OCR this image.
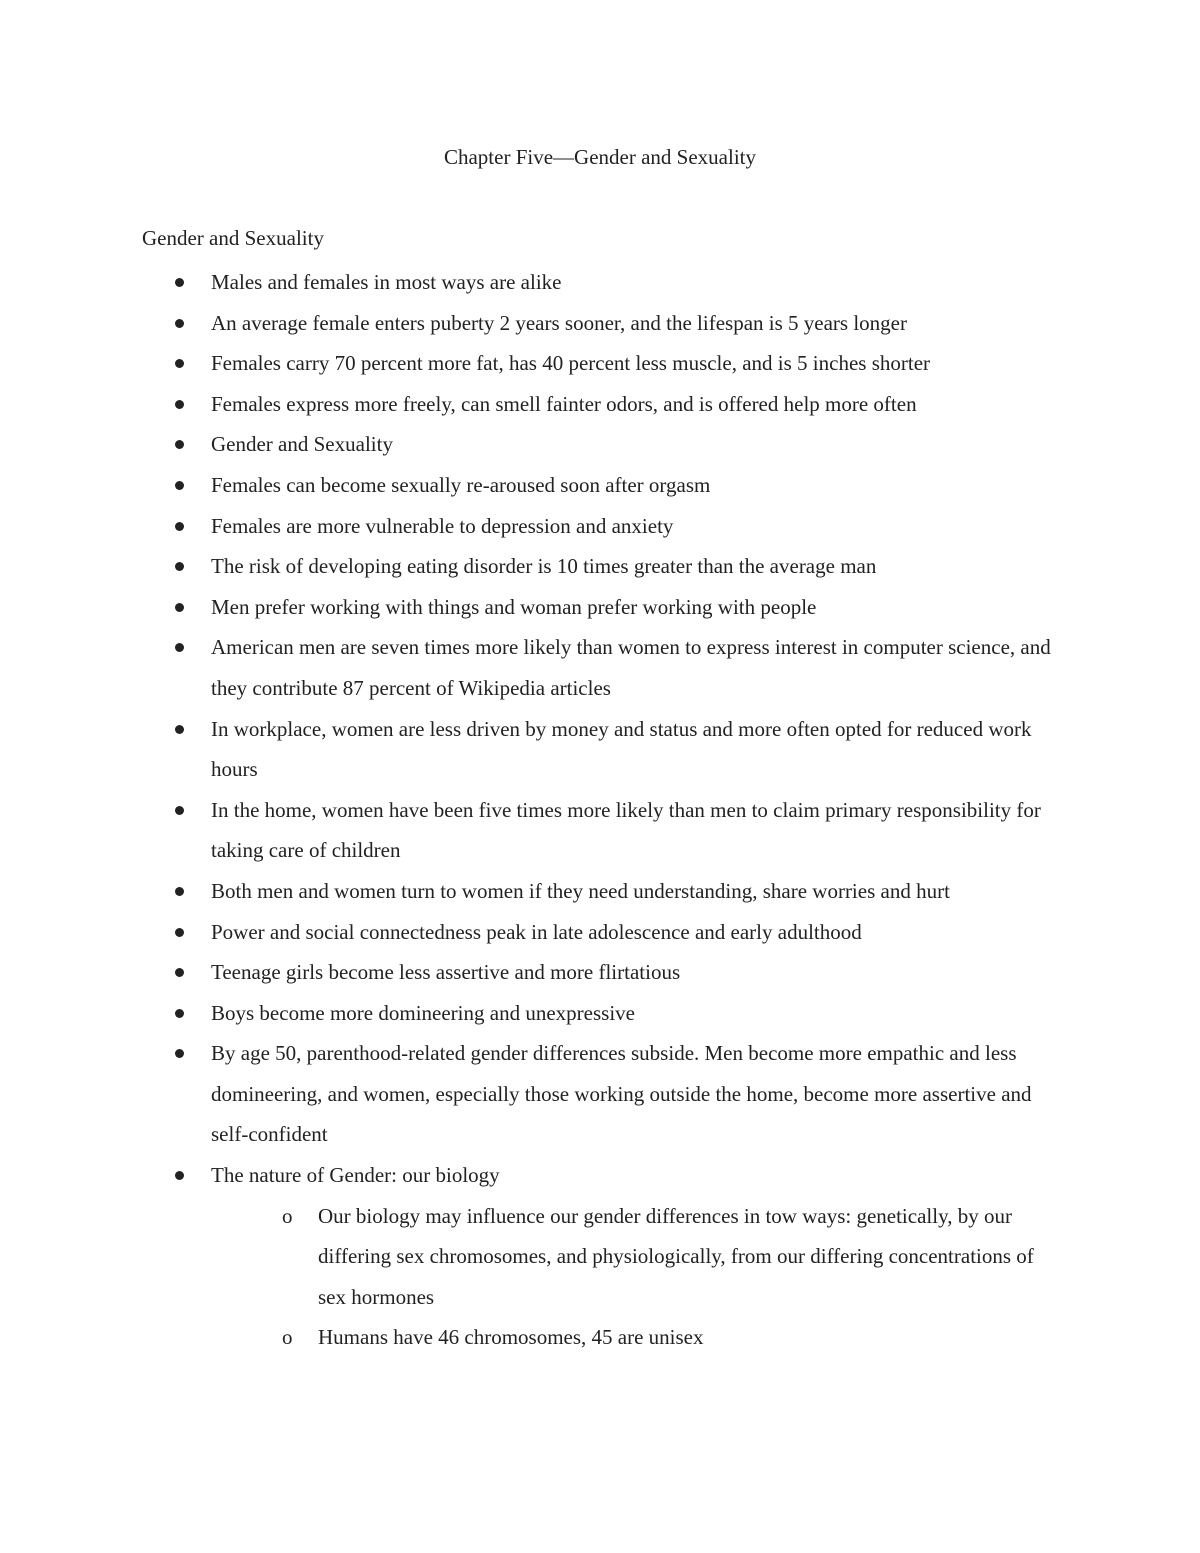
Chapter Five—Gender and Sexuality
Gender and Sexuality
Males and females in most ways are alike
An average female enters puberty 2 years sooner, and the lifespan is 5 years longer
Females carry 70 percent more fat, has 40 percent less muscle, and is 5 inches shorter
Females express more freely, can smell fainter odors, and is offered help more often
Gender and Sexuality
Females can become sexually re-aroused soon after orgasm
Females are more vulnerable to depression and anxiety
The risk of developing eating disorder is 10 times greater than the average man
Men prefer working with things and woman prefer working with people
American men are seven times more likely than women to express interest in computer science, and they contribute 87 percent of Wikipedia articles
In workplace, women are less driven by money and status and more often opted for reduced work hours
In the home, women have been five times more likely than men to claim primary responsibility for taking care of children
Both men and women turn to women if they need understanding, share worries and hurt
Power and social connectedness peak in late adolescence and early adulthood
Teenage girls become less assertive and more flirtatious
Boys become more domineering and unexpressive
By age 50, parenthood-related gender differences subside. Men become more empathic and less domineering, and women, especially those working outside the home, become more assertive and self-confident
The nature of Gender: our biology
o Our biology may influence our gender differences in tow ways: genetically, by our differing sex chromosomes, and physiologically, from our differing concentrations of sex hormones
o Humans have 46 chromosomes, 45 are unisex
